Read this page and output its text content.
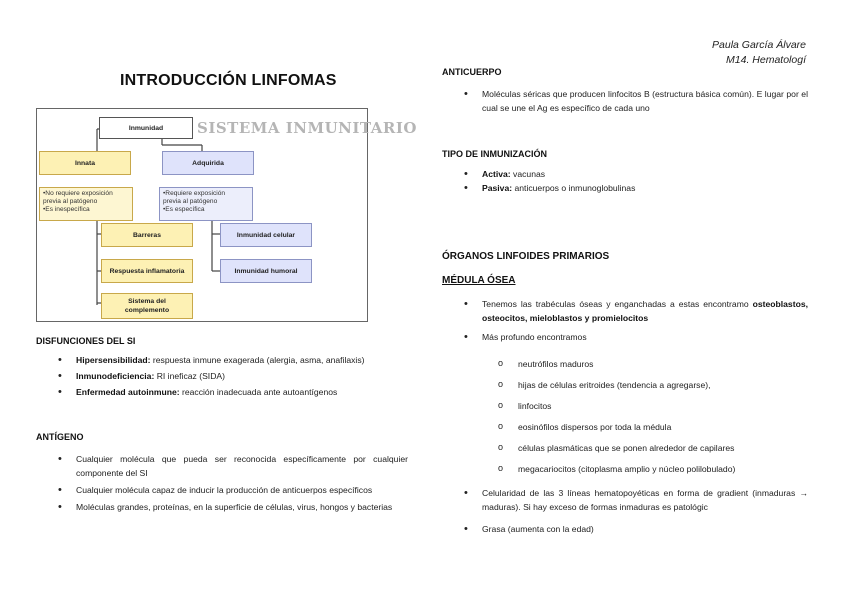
Paula García Álvare
M14. Hematologí
INTRODUCCIÓN LINFOMAS
Inmunidad	SISTEMA INMUNITARIO
Innata	Adquirida
•No requiere exposición
previa al patógeno
•Es inespecífica
•Requiere exposición
previa al patógeno
•Es específica
Barreras
Respuesta inflamatoria
Sistema del
complemento
Inmunidad celular
Inmunidad humoral
DISFUNCIONES DEL SI
• Hipersensibilidad: respuesta inmune exagerada (alergia, asma, anafilaxis)
• Inmunodeficiencia: RI ineficaz (SIDA)
• Enfermedad autoinmune: reacción inadecuada ante autoantígenos
ANTÍGENO
• Cualquier molécula que pueda ser reconocida específicamente por cualquier componente del SI
• Cualquier molécula capaz de inducir la producción de anticuerpos específicos
• Moléculas grandes, proteínas, en la superficie de células, virus, hongos y bacterias
ANTICUERPO
• Moléculas séricas que producen linfocitos B (estructura básica común). E lugar por el cual se une el Ag es específico de cada uno
TIPO DE INMUNIZACIÓN
• Activa: vacunas
• Pasiva: anticuerpos o inmunoglobulinas
ÓRGANOS LINFOIDES PRIMARIOS
MÉDULA ÓSEA
• Tenemos las trabéculas óseas y enganchadas a estas encontramo osteoblastos, osteocitos, mieloblastos y promielocitos
• Más profundo encontramos
o neutrófilos maduros
o hijas de células eritroides (tendencia a agregarse),
o linfocitos
o eosinófilos dispersos por toda la médula
o células plasmáticas que se ponen alrededor de capilares
o megacariocitos (citoplasma amplio y núcleo polilobulado)
• Celularidad de las 3 líneas hematopoyéticas en forma de gradient (inmaduras → maduras). Si hay exceso de formas inmaduras es patológic
• Grasa (aumenta con la edad)
